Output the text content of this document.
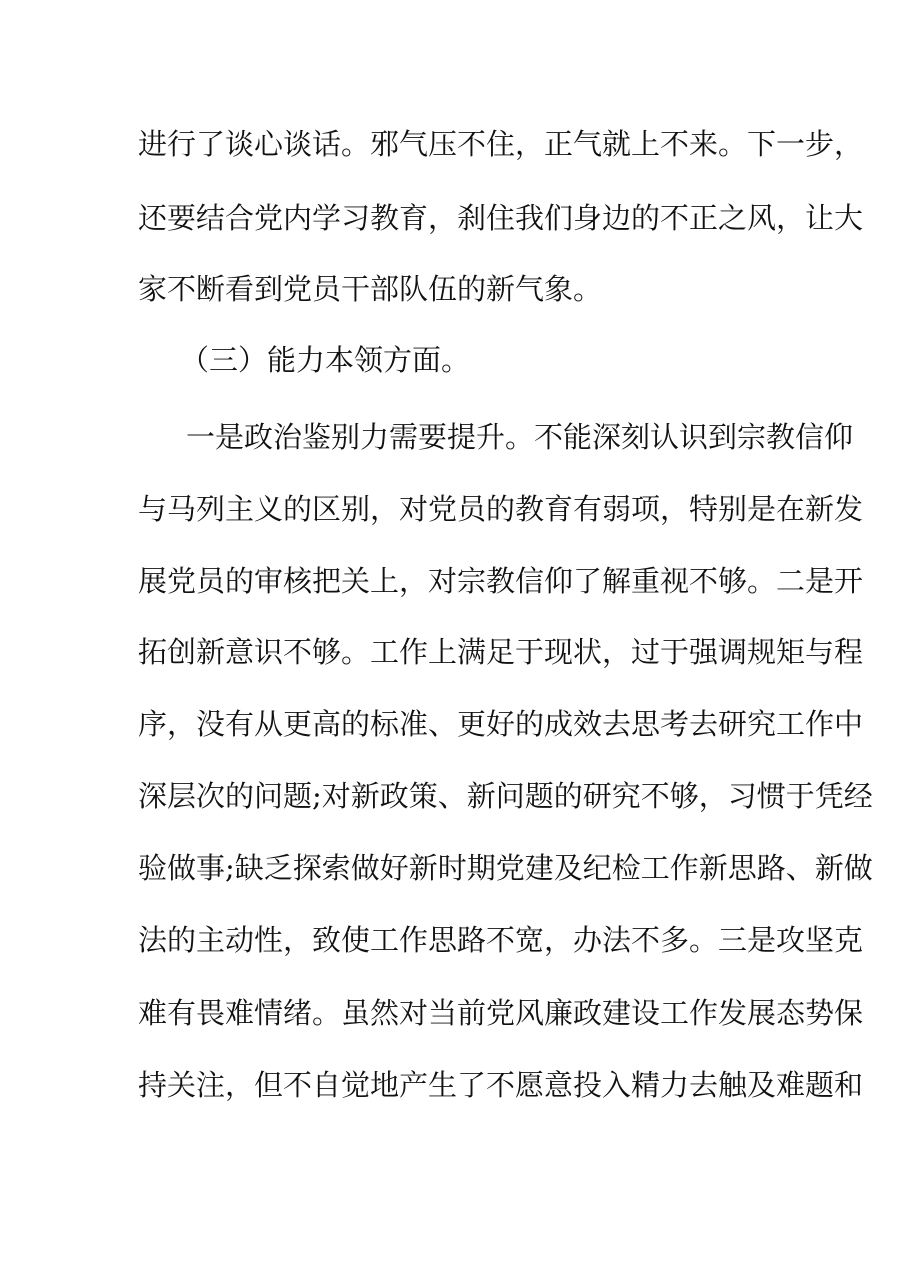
进行了谈心谈话。邪气压不住，正气就上不来。下一步，
还要结合党内学习教育，刹住我们身边的不正之风，让大
家不断看到党员干部队伍的新气象。
（三）能力本领方面。
一是政治鉴别力需要提升。不能深刻认识到宗教信仰
与马列主义的区别，对党员的教育有弱项，特别是在新发
展党员的审核把关上，对宗教信仰了解重视不够。二是开
拓创新意识不够。工作上满足于现状，过于强调规矩与程
序，没有从更高的标准、更好的成效去思考去研究工作中
深层次的问题;对新政策、新问题的研究不够，习惯于凭经
验做事;缺乏探索做好新时期党建及纪检工作新思路、新做
法的主动性，致使工作思路不宽，办法不多。三是攻坚克
难有畏难情绪。虽然对当前党风廉政建设工作发展态势保
持关注，但不自觉地产生了不愿意投入精力去触及难题和
